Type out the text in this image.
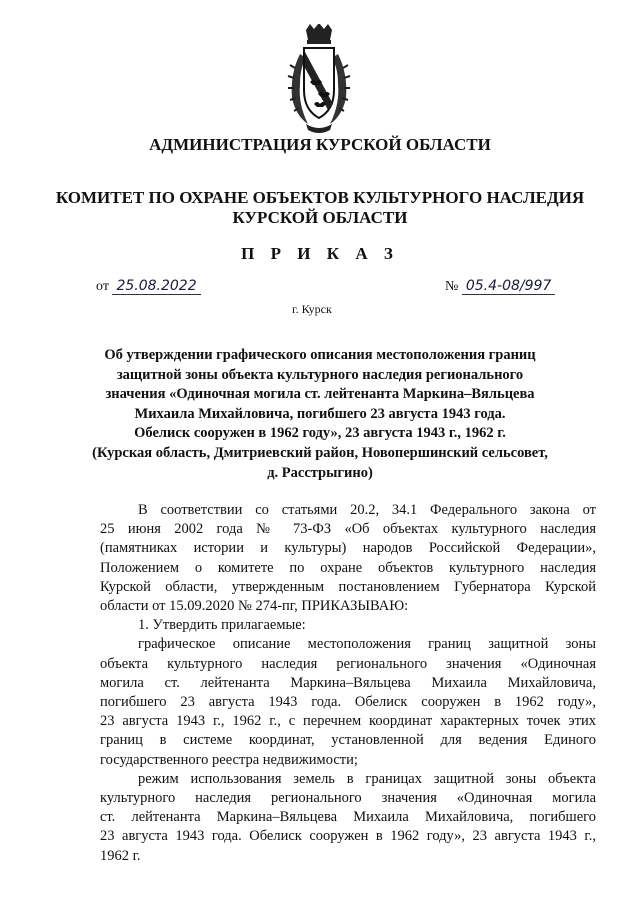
АДМИНИСТРАЦИЯ КУРСКОЙ ОБЛАСТИ
КОМИТЕТ ПО ОХРАНЕ ОБЪЕКТОВ КУЛЬТУРНОГО НАСЛЕДИЯ
КУРСКОЙ ОБЛАСТИ
П Р И К А З
от 25.08.2022	№ 05.4-08/997
г. Курск
Об утверждении графического описания местоположения границ
защитной зоны объекта культурного наследия регионального
значения «Одиночная могила ст. лейтенанта Маркина–Вяльцева
Михаила Михайловича, погибшего 23 августа 1943 года.
Обелиск сооружен в 1962 году», 23 августа 1943 г., 1962 г.
(Курская область, Дмитриевский район, Новопершинский сельсовет,
д. Расстрыгино)
В соответствии со статьями 20.2, 34.1 Федерального закона от
25 июня 2002 года № 73-ФЗ «Об объектах культурного наследия
(памятниках истории и культуры) народов Российской Федерации»,
Положением о комитете по охране объектов культурного наследия
Курской области, утвержденным постановлением Губернатора Курской
области от 15.09.2020 № 274-пг, ПРИКАЗЫВАЮ:
1. Утвердить прилагаемые:
графическое описание местоположения границ защитной зоны
объекта культурного наследия регионального значения «Одиночная
могила ст. лейтенанта Маркина–Вяльцева Михаила Михайловича,
погибшего 23 августа 1943 года. Обелиск сооружен в 1962 году»,
23 августа 1943 г., 1962 г., с перечнем координат характерных точек этих
границ в системе координат, установленной для ведения Единого
государственного реестра недвижимости;
режим использования земель в границах защитной зоны объекта
культурного наследия регионального значения «Одиночная могила
ст. лейтенанта Маркина–Вяльцева Михаила Михайловича, погибшего
23 августа 1943 года. Обелиск сооружен в 1962 году», 23 августа 1943 г.,
1962 г.
